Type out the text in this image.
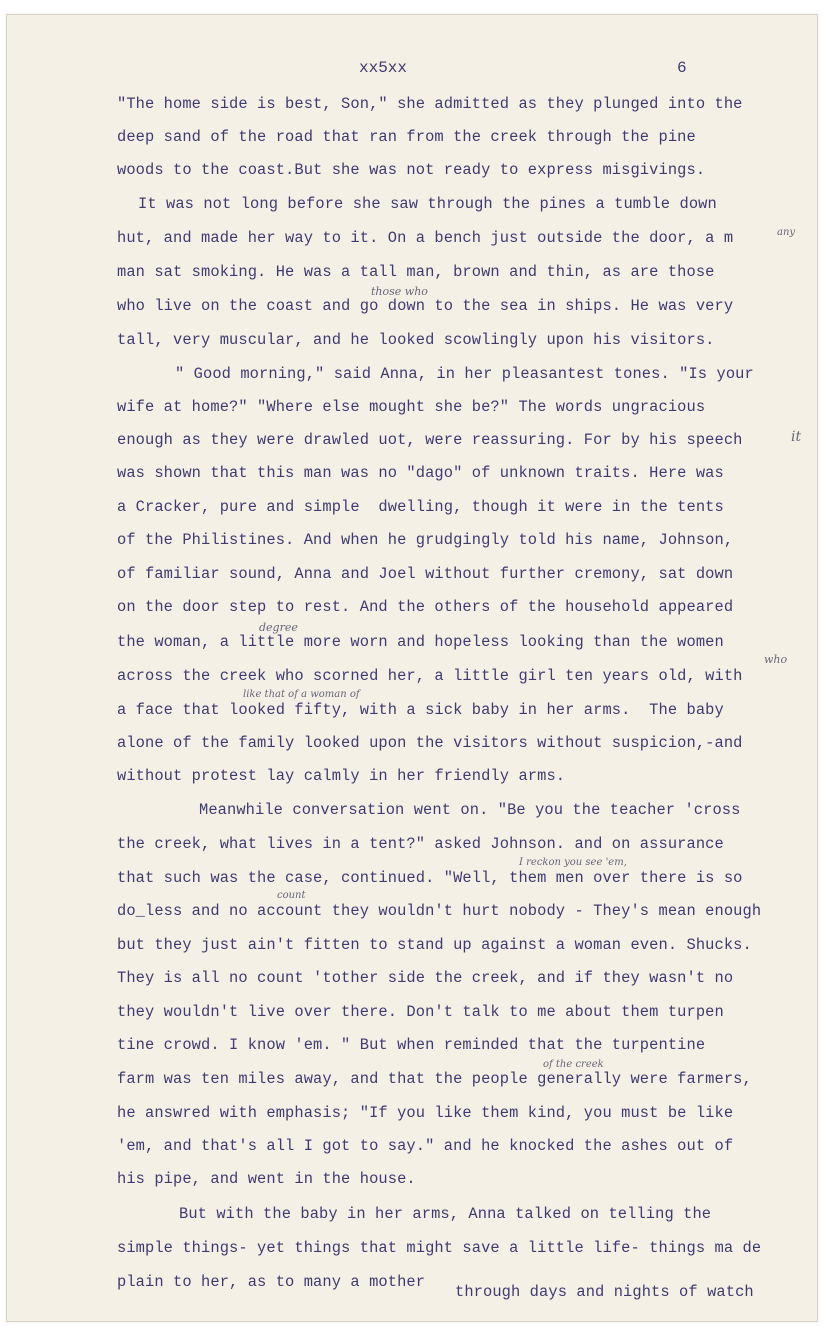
xx5xx	6
"The home side is best, Son," she admitted as they plunged into the
deep sand of the road that ran from the creek through the pine
woods to the coast.But she was not ready to express misgivings.
It was not long before she saw through the pines a tumble down
hut, and made her way to it. On a bench just outside the door, a m
man sat smoking. He was a tall man, brown and thin, as are those
who live on the coast and go down to the sea in ships. He was very
tall, very muscular, and he looked scowlingly upon his visitors.
" Good morning," said Anna, in her pleasantest tones. "Is your
wife at home?" "Where else mought she be?" The words ungracious
enough as they were drawled uot, were reassuring. For by his speech
was shown that this man was no "dago" of unknown traits. Here was
a Cracker, pure and simple  dwelling, though it were in the tents
of the Philistines. And when he grudgingly told his name, Johnson,
of familiar sound, Anna and Joel without further cremony, sat down
on the door step to rest. And the others of the household appeared
the woman, a little more worn and hopeless looking than the women
across the creek who scorned her, a little girl ten years old, with
a face that looked fifty, with a sick baby in her arms.  The baby
alone of the family looked upon the visitors without suspicion,-and
without protest lay calmly in her friendly arms.
Meanwhile conversation went on. "Be you the teacher 'cross
the creek, what lives in a tent?" asked Johnson. and on assurance
that such was the case, continued. "Well, them men over there is so
do_less and no account they wouldn't hurt nobody - They's mean enough
but they just ain't fitten to stand up against a woman even. Shucks.
They is all no count 'tother side the creek, and if they wasn't no
they wouldn't live over there. Don't talk to me about them turpen
tine crowd. I know 'em. " But when reminded that the turpentine
farm was ten miles away, and that the people generally were farmers,
he answred with emphasis; "If you like them kind, you must be like
'em, and that's all I got to say." and he knocked the ashes out of
his pipe, and went in the house.
But with the baby in her arms, Anna talked on telling the
simple things- yet things that might save a little life- things ma de
plain to her, as to many a mother
through days and nights of watch
any
those who
it
degree
who
like that of a woman of
I reckon you see 'em,
count
of the creek
